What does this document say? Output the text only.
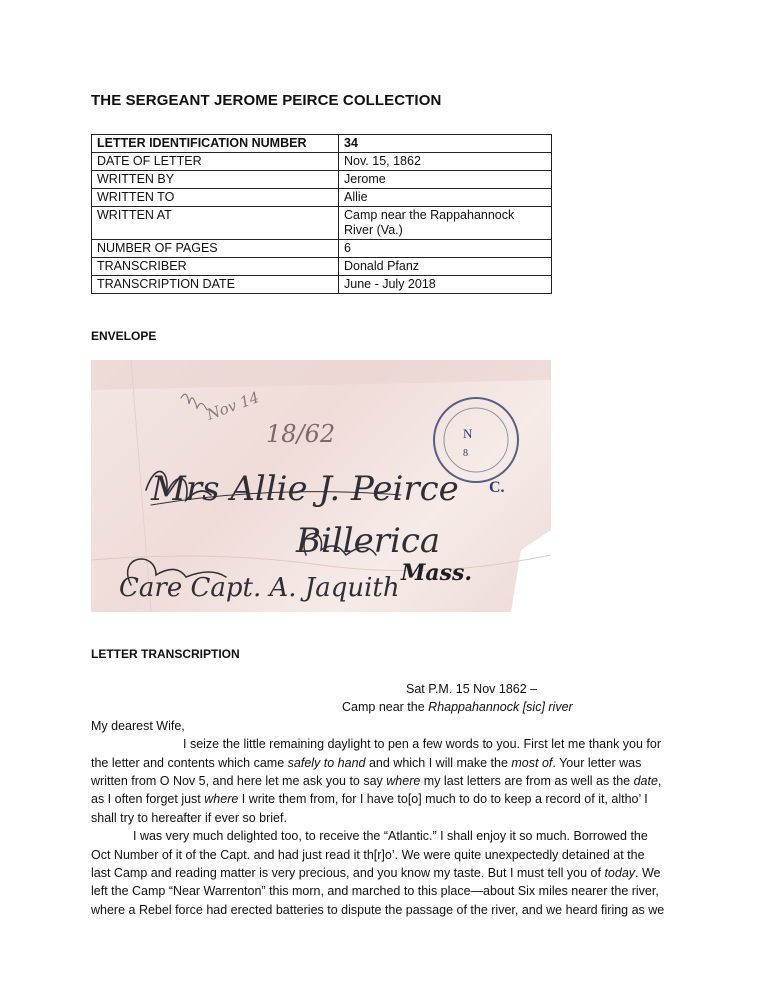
THE SERGEANT JEROME PEIRCE COLLECTION
LETTER IDENTIFICATION NUMBER	34
DATE OF LETTER	Nov. 15, 1862
WRITTEN BY	Jerome
WRITTEN TO	Allie
WRITTEN AT	Camp near the Rappahannock
River (Va.)

NUMBER OF PAGES	6
TRANSCRIBER	Donald Pfanz
TRANSCRIPTION DATE	June - July 2018
ENVELOPE
N
8
C.
Nov 14
18/62
Mrs Allie J. Peirce
Billerica
Mass.
Care Capt. A. Jaquith
LETTER TRANSCRIPTION
Sat P.M. 15 Nov 1862 –
Camp near the Rhappahannock [sic] river
My dearest Wife,
I seize the little remaining daylight to pen a few words to you. First let me thank you for
the letter and contents which came safely to hand and which I will make the most of. Your letter was
written from O Nov 5, and here let me ask you to say where my last letters are from as well as the date,
as I often forget just where I write them from, for I have to[o] much to do to keep a record of it, altho’ I
shall try to hereafter if ever so brief.
I was very much delighted too, to receive the “Atlantic.” I shall enjoy it so much. Borrowed the
Oct Number of it of the Capt. and had just read it th[r]o’. We were quite unexpectedly detained at the
last Camp and reading matter is very precious, and you know my taste. But I must tell you of today. We
left the Camp “Near Warrenton” this morn, and marched to this place—about Six miles nearer the river,
where a Rebel force had erected batteries to dispute the passage of the river, and we heard firing as we
